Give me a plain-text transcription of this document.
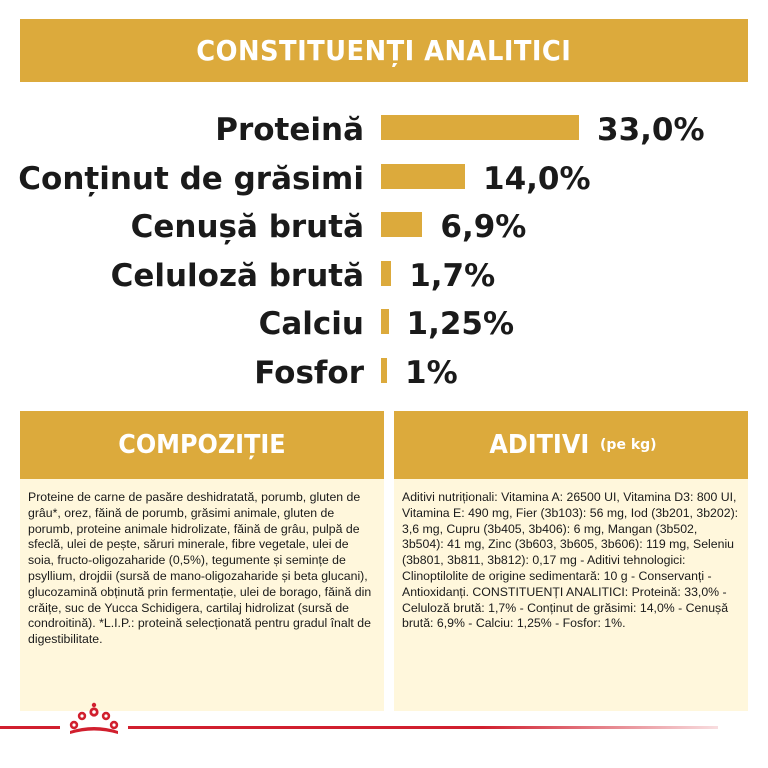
CONSTITUENȚI ANALITICI
Proteină	33,0%
Conținut de grăsimi	14,0%
Cenușă brută 6,9%
Celuloză brută 1,7%
Calciu 1,25%
Fosfor 1%
COMPOZIȚIE

Proteine de carne de pasăre deshidratată, porumb, gluten de grâu*, orez, făină de porumb, grăsimi animale, gluten de porumb, proteine animale hidrolizate, făină de grâu, pulpă de sfeclă, ulei de pește, săruri minerale, fibre vegetale, ulei de soia, fructo-oligozaharide (0,5%), tegumente și semințe de psyllium, drojdii (sursă de mano-oligozaharide și beta glucani), glucozamină obținută prin fermentație, ulei de borago, făină din crăițe, suc de Yucca Schidigera, cartilaj hidrolizat (sursă de condroitină). *L.I.P.: proteină selecționată pentru gradul înalt de digestibilitate.

ADITIVI (pe kg)

Aditivi nutriționali: Vitamina A: 26500 UI, Vitamina D3: 800 UI, Vitamina E: 490 mg, Fier (3b103): 56 mg, Iod (3b201, 3b202): 3,6 mg, Cupru (3b405, 3b406): 6 mg, Mangan (3b502, 3b504): 41 mg, Zinc (3b603, 3b605, 3b606): 119 mg, Seleniu (3b801, 3b811, 3b812): 0,17 mg - Aditivi tehnologici: Clinoptilolite de origine sedimentară: 10 g - Conservanți - Antioxidanți. CONSTITUENȚI ANALITICI: Proteină: 33,0% - Celuloză brută: 1,7% - Conținut de grăsimi: 14,0% - Cenușă brută: 6,9% - Calciu: 1,25% - Fosfor: 1%.
